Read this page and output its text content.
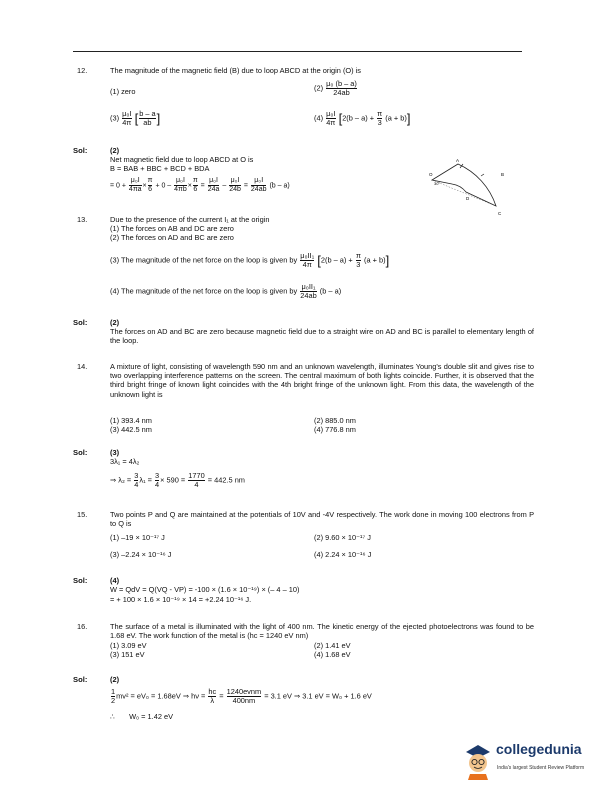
12.	The magnitude of the magnetic field (B) due to loop ABCD at the origin (O) is
(1) zero	$(2) \frac{\text{μ₀ (b – a)}}{24ab}$
$(3) \frac{\text{μ₀I}}{4\pi}$ [ $\frac{b - a}{ab}$ ]	$(4) \frac{\text{μ₀I}}{4\pi} [2(b - a) + \frac{\pi}{3} (a + b)]$
Sol:	(2)
Net magnetic field due to loop ABCD at O is
B = BAB + BBC + BCD + BDA
= $0 + \frac{\text{μ₀I}}{4\pi a} \times \frac{\pi}{6} + 0 - \frac{\text{μ₀I}}{4\pi b} \times \frac{\pi}{6} = \frac{\text{μ₀I}}{24a} - \frac{\text{μ₀I}}{24b} = \frac{\text{μ₀I}}{24ab} (b - a)$	30°
O
A
B
C
D
13.	Due to the presence of the current I₁ at the origin
(1) The forces on AB and DC are zero
(2) The forces on AD and BC are zero
(3) The magnitude of the net force on the loop is given by $\frac{\text{μ₀II₁}}{4\pi} [2(b - a) + \frac{\pi}{3} (a + b)]$
(4) The magnitude of the net force on the loop is given by $\frac{\text{μ₀II₁}}{24ab} (b - a)$
Sol:	(2)
The forces on AD and BC are zero because magnetic field due to a straight wire on AD and BC is parallel to elementary length of the loop.
14.	A mixture of light, consisting of wavelength 590 nm and an unknown wavelength, illuminates Young's double slit and gives rise to two overlapping interference patterns on the screen. The central maximum of both lights coincide. Further, it is observed that the third bright fringe of known light coincides with the 4th bright fringe of the unknown light. From this data, the wavelength of the unknown light is
(1) 393.4 nm	(2) 885.0 nm
(3) 442.5 nm	(4) 776.8 nm
Sol:	(3)
3λ₁ = 4λ₂
⇒ $\lambda_2 = \frac{3}{4} \lambda_1 = \frac{3}{4} \times 590 = \frac{1770}{4} = 442.5$ nm
15.	Two points P and Q are maintained at the potentials of 10V and -4V respectively. The work done in moving 100 electrons from P to Q is
(1) –19 × 10⁻¹⁷ J	(2) 9.60 × 10⁻¹⁷ J
(3) –2.24 × 10⁻¹⁶ J	(4) 2.24 × 10⁻¹⁶ J
Sol:	(4)
W = QdV = Q(VQ - VP) = -100 × (1.6 × 10⁻¹⁹) × (– 4 – 10)
= + 100 × 1.6 × 10⁻¹⁹ × 14 = +2.24 10⁻¹⁶ J.
16.	The surface of a metal is illuminated with the light of 400 nm. The kinetic energy of the ejected photoelectrons was found to be 1.68 eV. The work function of the metal is (hc = 1240 eV nm)
(1) 3.09 eV	(2) 1.41 eV
(3) 151 eV	(4) 1.68 eV
Sol:	(2)
$\frac{1}{2} mv^2 = eV_0 = 1.68eV$ ⇒ $h\nu = \frac{hc}{\lambda} = \frac{\text{1240evnm}}{400nm} = 3.1$ eV ⇒ 3.1 eV = W₀ + 1.6 eV
∴ W₀ = 1.42 eV
collegedunia
India's largest Student Review Platform
